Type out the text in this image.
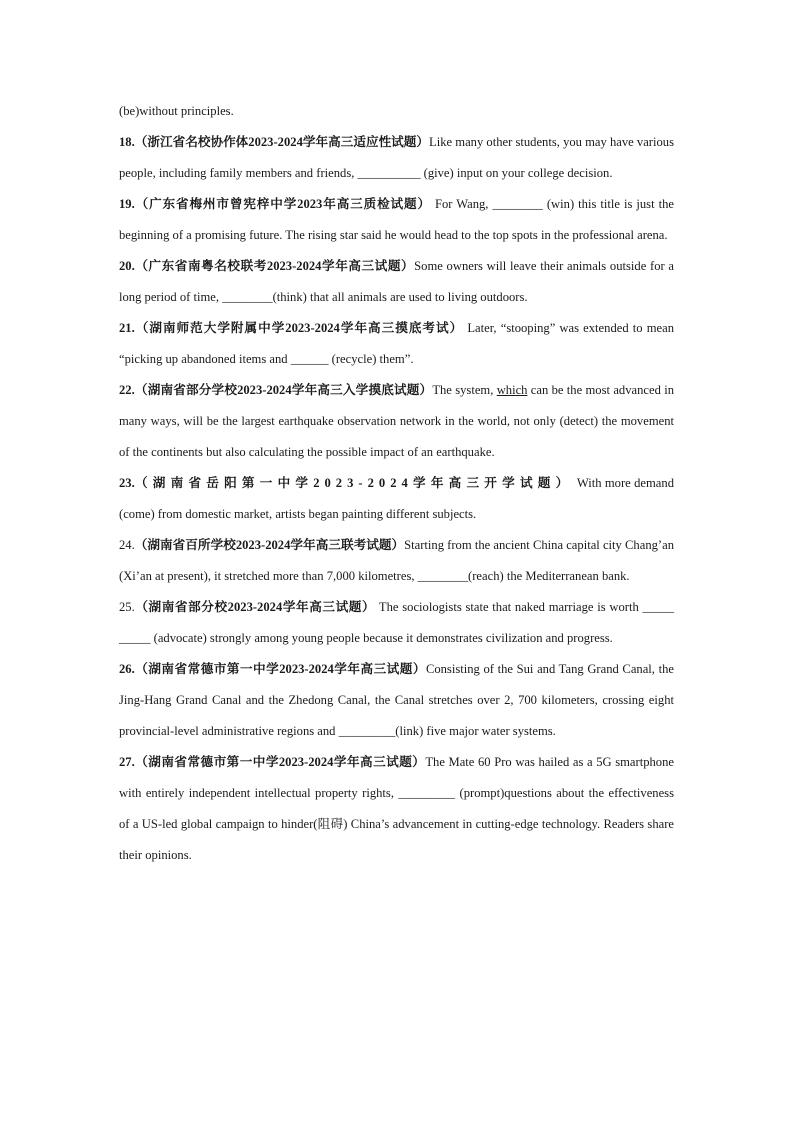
(be)without principles.

18.（浙江省名校协作体2023-2024学年高三适应性试题）Like many other students, you may have various people, including family members and friends, __________ (give) input on your college decision.

19.（广东省梅州市曾宪梓中学2023年高三质检试题） For Wang, ________ (win) this title is just the beginning of a promising future. The rising star said he would head to the top spots in the professional arena.

20.（广东省南粤名校联考2023-2024学年高三试题）Some owners will leave their animals outside for a long period of time, ________(think) that all animals are used to living outdoors.

21.（湖南师范大学附属中学2023-2024学年高三摸底考试） Later, “stooping” was extended to mean “picking up abandoned items and ______ (recycle) them”.

22.（湖南省部分学校2023-2024学年高三入学摸底试题）The system, which can be the most advanced in many ways, will be the largest earthquake observation network in the world, not only (detect) the movement of the continents but also calculating the possible impact of an earthquake.

23.（湖南省岳阳第一中学2023-2024学年高三开学试题） With more demand (come) from domestic market, artists began painting different subjects.

24.（湖南省百所学校2023-2024学年高三联考试题）Starting from the ancient China capital city Chang’an (Xi’an at present), it stretched more than 7,000 kilometres, ________(reach) the Mediterranean bank.

25.（湖南省部分校2023-2024学年高三试题） The sociologists state that naked marriage is worth _____ _____ (advocate) strongly among young people because it demonstrates civilization and progress.

26.（湖南省常德市第一中学2023-2024学年高三试题）Consisting of the Sui and Tang Grand Canal, the Jing-Hang Grand Canal and the Zhedong Canal, the Canal stretches over 2, 700 kilometers, crossing eight provincial-level administrative regions and _________(link) five major water systems.

27.（湖南省常德市第一中学2023-2024学年高三试题）The Mate 60 Pro was hailed as a 5G smartphone with entirely independent intellectual property rights, _________ (prompt)questions about the effectiveness of a US-led global campaign to hinder(阻碍) China’s advancement in cutting-edge technology. Readers share their opinions.
